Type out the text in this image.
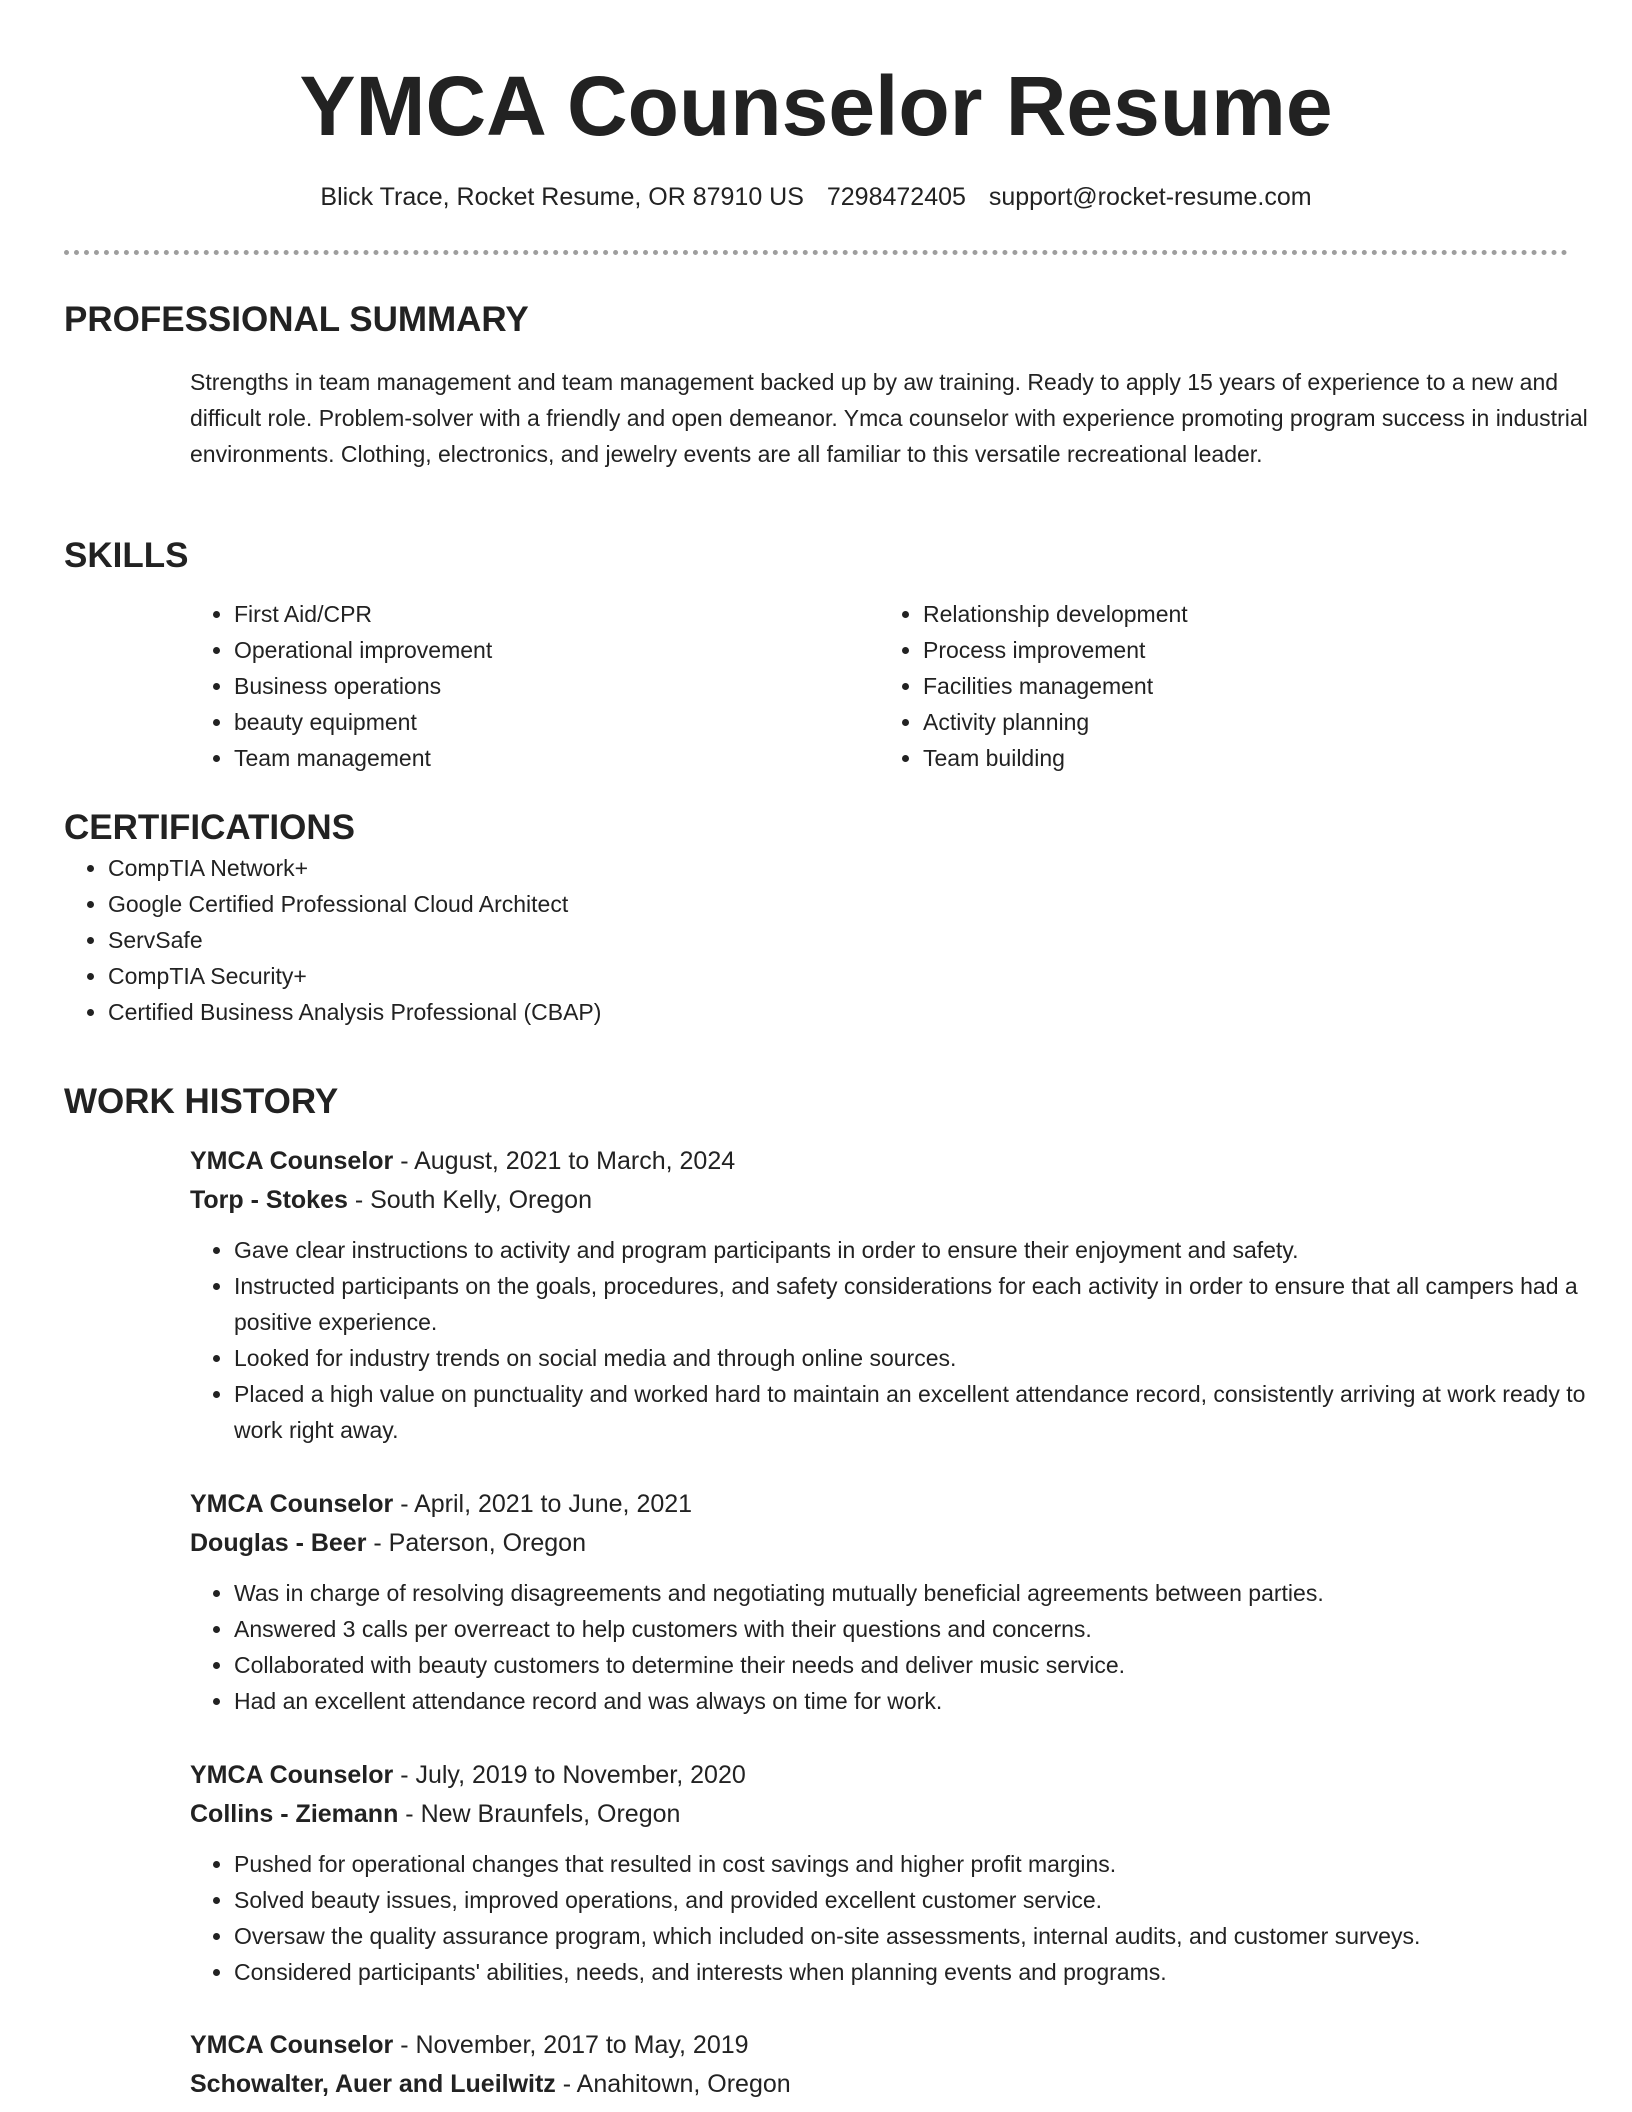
YMCA Counselor Resume
Blick Trace, Rocket Resume, OR 87910 US 7298472405 support@rocket-resume.com
PROFESSIONAL SUMMARY
Strengths in team management and team management backed up by aw training. Ready to apply 15 years of experience to a new and difficult role. Problem-solver with a friendly and open demeanor. Ymca counselor with experience promoting program success in industrial environments. Clothing, electronics, and jewelry events are all familiar to this versatile recreational leader.
SKILLS
• First Aid/CPR
• Operational improvement
• Business operations
• beauty equipment
• Team management
• Relationship development
• Process improvement
• Facilities management
• Activity planning
• Team building
CERTIFICATIONS
• CompTIA Network+
• Google Certified Professional Cloud Architect
• ServSafe
• CompTIA Security+
• Certified Business Analysis Professional (CBAP)
WORK HISTORY
YMCA Counselor - August, 2021 to March, 2024
Torp - Stokes - South Kelly, Oregon
• Gave clear instructions to activity and program participants in order to ensure their enjoyment and safety.
• Instructed participants on the goals, procedures, and safety considerations for each activity in order to ensure that all campers had a positive experience.
• Looked for industry trends on social media and through online sources.
• Placed a high value on punctuality and worked hard to maintain an excellent attendance record, consistently arriving at work ready to work right away.
YMCA Counselor - April, 2021 to June, 2021
Douglas - Beer - Paterson, Oregon
• Was in charge of resolving disagreements and negotiating mutually beneficial agreements between parties.
• Answered 3 calls per overreact to help customers with their questions and concerns.
• Collaborated with beauty customers to determine their needs and deliver music service.
• Had an excellent attendance record and was always on time for work.
YMCA Counselor - July, 2019 to November, 2020
Collins - Ziemann - New Braunfels, Oregon
• Pushed for operational changes that resulted in cost savings and higher profit margins.
• Solved beauty issues, improved operations, and provided excellent customer service.
• Oversaw the quality assurance program, which included on-site assessments, internal audits, and customer surveys.
• Considered participants' abilities, needs, and interests when planning events and programs.
YMCA Counselor - November, 2017 to May, 2019
Schowalter, Auer and Lueilwitz - Anahitown, Oregon
